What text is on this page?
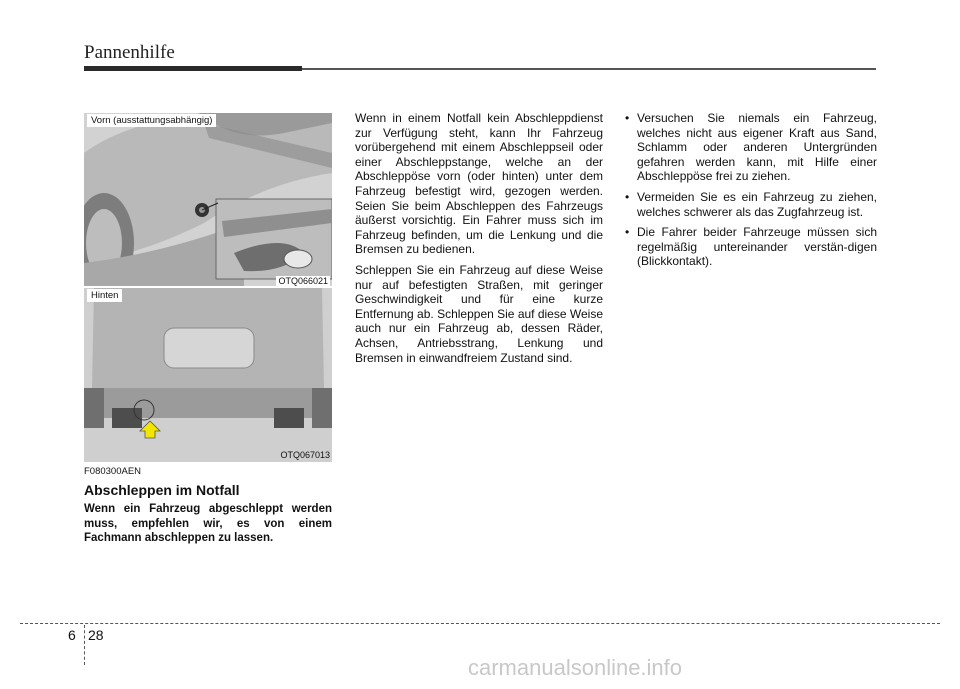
Pannenhilfe
Vorn (ausstattungsabhängig)
OTQ066021
Hinten
OTQ067013
F080300AEN
Abschleppen im Notfall
Wenn ein Fahrzeug abgeschleppt werden muss, empfehlen wir, es von einem Fachmann abschleppen zu lassen.

Wenn in einem Notfall kein Abschleppdienst zur Verfügung steht, kann Ihr Fahrzeug vorübergehend mit einem Abschleppseil oder einer Abschleppstange, welche an der Abschleppöse vorn (oder hinten) unter dem Fahrzeug befestigt wird, gezogen werden. Seien Sie beim Abschleppen des Fahrzeugs äußerst vorsichtig. Ein Fahrer muss sich im Fahrzeug befinden, um die Lenkung und die Bremsen zu bedienen.

Schleppen Sie ein Fahrzeug auf diese Weise nur auf befestigten Straßen, mit geringer Geschwindigkeit und für eine kurze Entfernung ab. Schleppen Sie auf diese Weise auch nur ein Fahrzeug ab, dessen Räder, Achsen, Antriebsstrang, Lenkung und Bremsen in einwandfreiem Zustand sind.

• Versuchen Sie niemals ein Fahrzeug, welches nicht aus eigener Kraft aus Sand, Schlamm oder anderen Untergründen gefahren werden kann, mit Hilfe einer Abschleppöse frei zu ziehen.
• Vermeiden Sie es ein Fahrzeug zu ziehen, welches schwerer als das Zugfahrzeug ist.
• Die Fahrer beider Fahrzeuge müssen sich regelmäßig untereinander verstän-digen (Blickkontakt).
6 28
carmanualsonline.info
